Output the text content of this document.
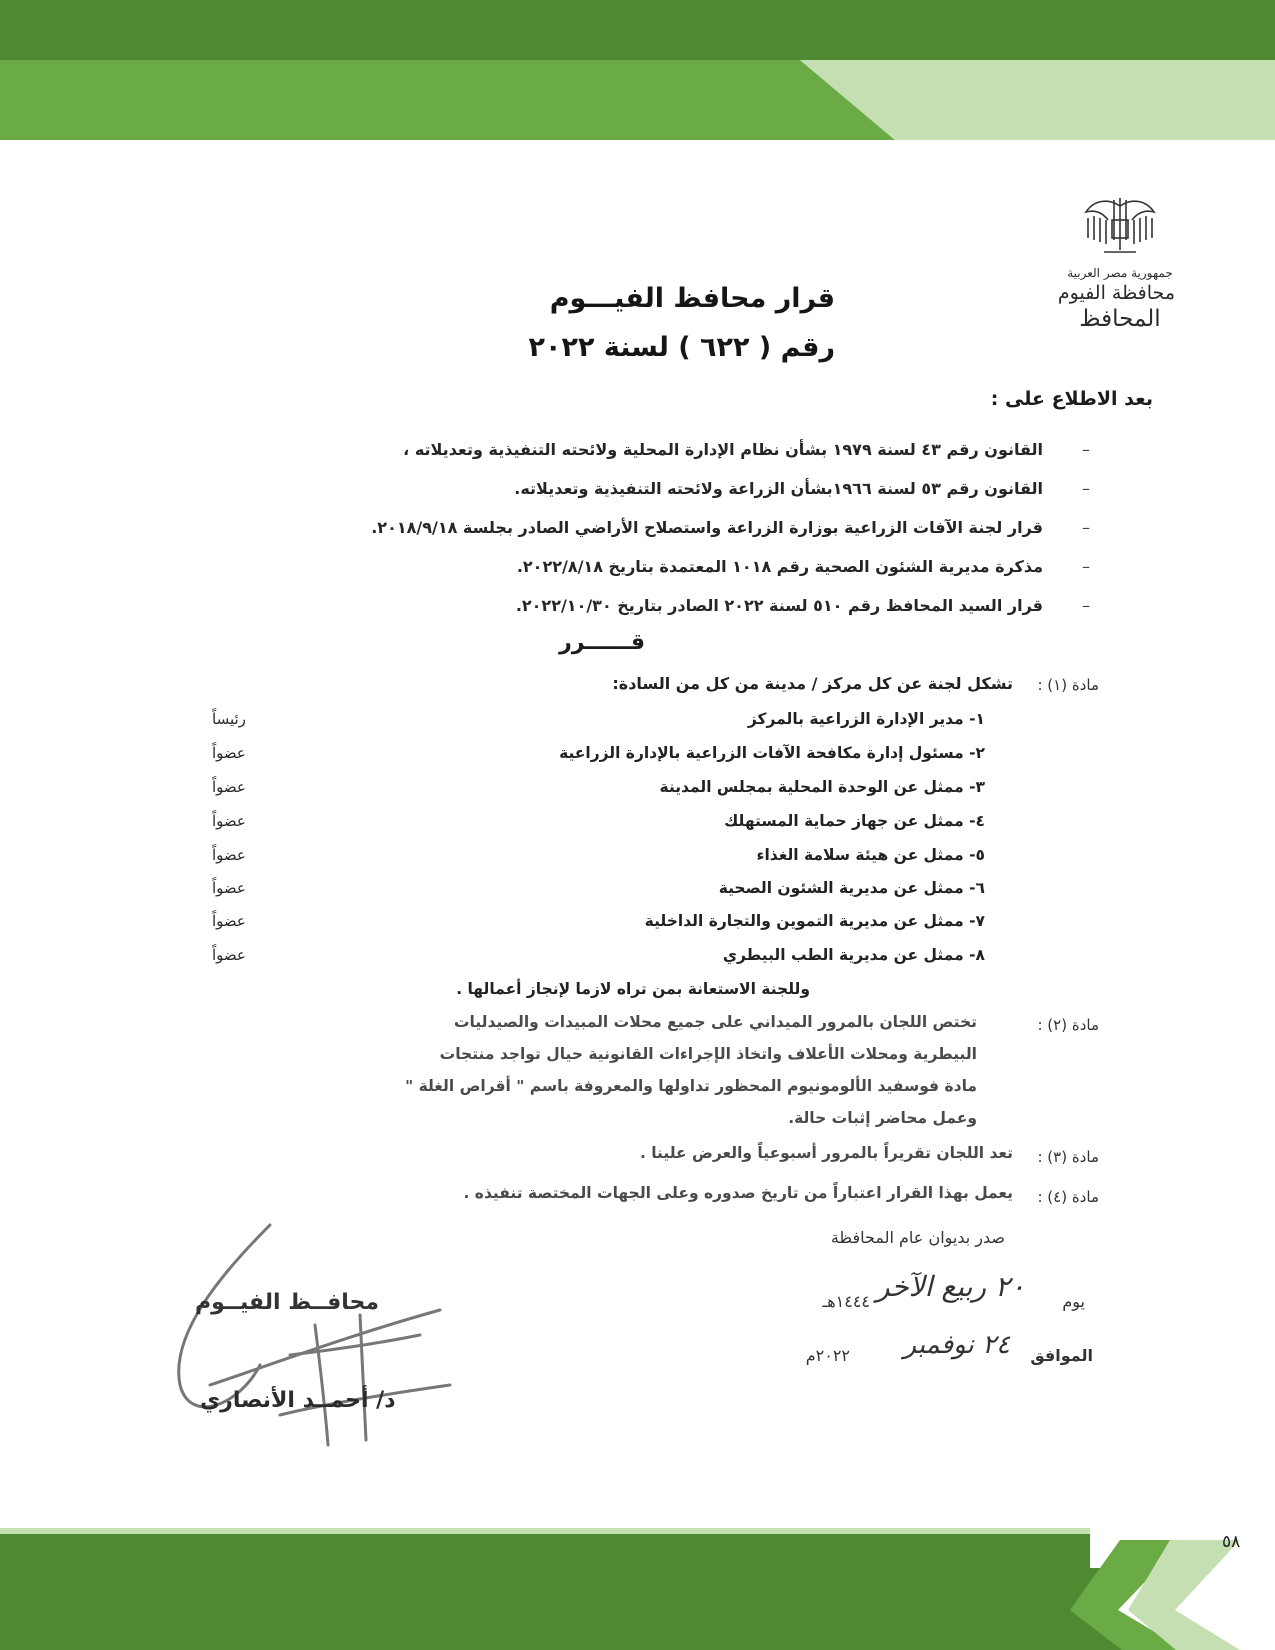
٥٨
جمهورية مصر العربية
محافظة الفيوم
المحافظ
قرار محافظ الفيـــوم
رقم ( ٦٢٢ ) لسنة ٢٠٢٢
بعد الاطلاع على :
–
القانون رقم ٤٣ لسنة ١٩٧٩ بشأن نظام الإدارة المحلية ولائحته التنفيذية وتعديلاته ،
–
القانون رقم ٥٣ لسنة ١٩٦٦بشأن الزراعة ولائحته التنفيذية وتعديلاته.
–
قرار لجنة الآفات الزراعية بوزارة الزراعة واستصلاح الأراضي الصادر بجلسة ٢٠١٨/٩/١٨.
–
مذكرة مديرية الشئون الصحية رقم ١٠١٨ المعتمدة بتاريخ ٢٠٢٢/٨/١٨.
–
قرار السيد المحافظ رقم ٥١٠ لسنة ٢٠٢٢ الصادر بتاريخ ٢٠٢٢/١٠/٣٠.
قــــــرر
مادة (١) :
تشكل لجنة عن كل مركز / مدينة من كل من السادة:
١- مدير الإدارة الزراعية بالمركز
رئيساً
٢- مسئول إدارة مكافحة الآفات الزراعية بالإدارة الزراعية
عضواً
٣- ممثل عن الوحدة المحلية بمجلس المدينة
عضواً
٤- ممثل عن جهاز حماية المستهلك
عضواً
٥- ممثل عن هيئة سلامة الغذاء
عضواً
٦- ممثل عن مديرية الشئون الصحية
عضواً
٧- ممثل عن مديرية التموين والتجارة الداخلية
عضواً
٨- ممثل عن مديرية الطب البيطري
عضواً
وللجنة الاستعانة بمن تراه لازما لإنجاز أعمالها .
مادة (٢) :
تختص اللجان بالمرور الميداني على جميع محلات المبيدات والصيدليات
البيطرية ومحلات الأعلاف واتخاذ الإجراءات القانونية حيال تواجد منتجات
مادة فوسفيد الألومونيوم المحظور تداولها والمعروفة باسم " أقراص الغلة "
وعمل محاضر إثبات حالة.
مادة (٣) :
تعد اللجان تقريراً بالمرور أسبوعياً والعرض علينا .
مادة (٤) :
يعمل بهذا القرار اعتباراً من تاريخ صدوره وعلى الجهات المختصة تنفيذه .
صدر بديوان عام المحافظة
يوم
٢٠ ربيع الآخر
١٤٤٤هـ
الموافق
٢٤ نوفمبر
٢٠٢٢م
محافــظ الفيــوم
د/ أحمــد الأنصاري
